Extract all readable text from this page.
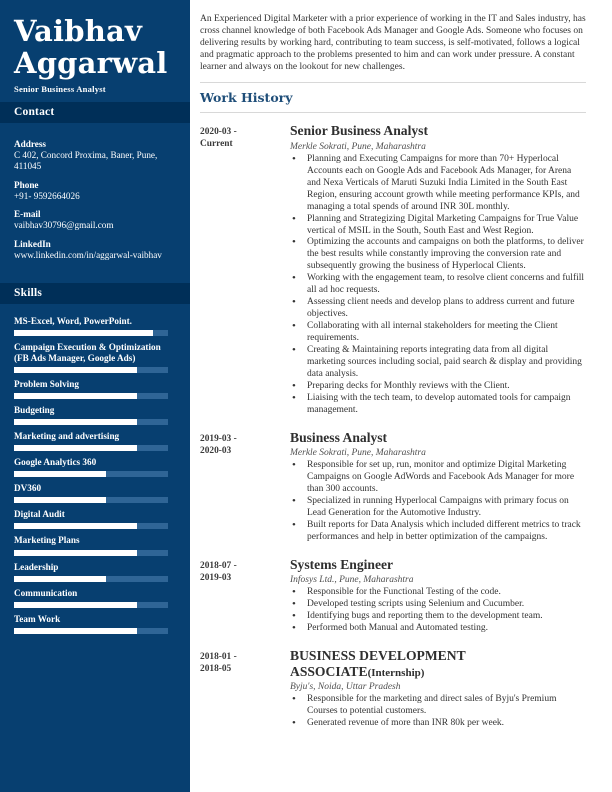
Vaibhav
Aggarwal
Senior Business Analyst
Contact
Address
C 402, Concord Proxima, Baner, Pune, 411045
Phone
+91- 9592664026
E-mail
vaibhav30796@gmail.com
LinkedIn
www.linkedin.com/in/aggarwal-vaibhav
Skills
MS-Excel, Word, PowerPoint.
Campaign Execution & Optimization (FB Ads Manager, Google Ads)
Problem Solving
Budgeting
Marketing and advertising
Google Analytics 360
DV360
Digital Audit
Marketing Plans
Leadership
Communication
Team Work

An Experienced Digital Marketer with a prior experience of working in the IT and Sales industry, has cross channel knowledge of both Facebook Ads Manager and Google Ads. Someone who focuses on delivering results by working hard, contributing to team success, is self-motivated, follows a logical and pragmatic approach to the problems presented to him and can work under pressure. A constant learner and always on the lookout for new challenges.

Work History
2020-03 -
Current
Senior Business Analyst
Merkle Sokrati, Pune, Maharashtra
• Planning and Executing Campaigns for more than 70+ Hyperlocal Accounts each on Google Ads and Facebook Ads Manager, for Arena and Nexa Verticals of Maruti Suzuki India Limited in the South East Region, ensuring account growth while meeting performance KPIs, and managing a total spends of around INR 30L monthly.
• Planning and Strategizing Digital Marketing Campaigns for True Value vertical of MSIL in the South, South East and West Region.
• Optimizing the accounts and campaigns on both the platforms, to deliver the best results while constantly improving the conversion rate and subsequently growing the business of Hyperlocal Clients.
• Working with the engagement team, to resolve client concerns and fulfill all ad hoc requests.
• Assessing client needs and develop plans to address current and future objectives.
• Collaborating with all internal stakeholders for meeting the Client requirements.
• Creating & Maintaining reports integrating data from all digital marketing sources including social, paid search & display and providing data analysis.
• Preparing decks for Monthly reviews with the Client.
• Liaising with the tech team, to develop automated tools for campaign management.
2019-03 -
2020-03
Business Analyst
Merkle Sokrati, Pune, Maharashtra
• Responsible for set up, run, monitor and optimize Digital Marketing Campaigns on Google AdWords and Facebook Ads Manager for more than 300 accounts.
• Specialized in running Hyperlocal Campaigns with primary focus on Lead Generation for the Automotive Industry.
• Built reports for Data Analysis which included different metrics to track performances and help in better optimization of the campaigns.
2018-07 -
2019-03
Systems Engineer
Infosys Ltd., Pune, Maharashtra
• Responsible for the Functional Testing of the code.
• Developed testing scripts using Selenium and Cucumber.
• Identifying bugs and reporting them to the development team.
• Performed both Manual and Automated testing.
2018-01 -
2018-05
BUSINESS DEVELOPMENT ASSOCIATE(Internship)
Byju's, Noida, Uttar Pradesh
• Responsible for the marketing and direct sales of Byju's Premium Courses to potential customers.
• Generated revenue of more than INR 80k per week.
